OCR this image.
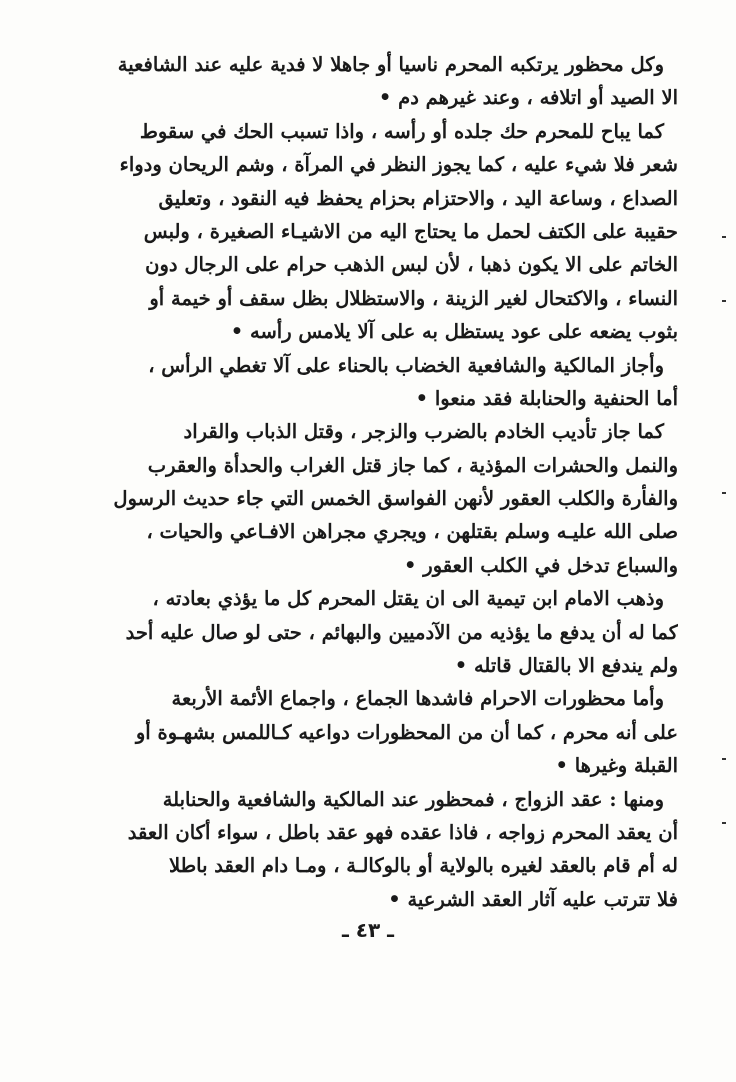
وكل محظور يرتكبه المحرم ناسيا أو جاهلا لا فدية عليه عند الشافعية
الا الصيد أو اتلافه ، وعند غيرهم دم •
كما يباح للمحرم حك جلده أو رأسه ، واذا تسبب الحك في سقوط
شعر فلا شيء عليه ، كما يجوز النظر في المرآة ، وشم الريحان ودواء
الصداع ، وساعة اليد ، والاحتزام بحزام يحفظ فيه النقود ، وتعليق
حقيبة على الكتف لحمل ما يحتاج اليه من الاشيـاء الصغيرة ، ولبس
الخاتم على الا يكون ذهبا ، لأن لبس الذهب حرام على الرجال دون
النساء ، والاكتحال لغير الزينة ، والاستظلال بظل سقف أو خيمة أو
بثوب يضعه على عود يستظل به على آلا يلامس رأسه •
وأجاز المالكية والشافعية الخضاب بالحناء على آلا تغطي الرأس ،
أما الحنفية والحنابلة فقد منعوا •
كما جاز تأديب الخادم بالضرب والزجر ، وقتل الذباب والقراد
والنمل والحشرات المؤذية ، كما جاز قتل الغراب والحدأة والعقرب
والفأرة والكلب العقور لأنهن الفواسق الخمس التي جاء حديث الرسول
صلى الله عليـه وسلم بقتلهن ، ويجري مجراهن الافـاعي والحيات ،
والسباع تدخل في الكلب العقور •
وذهب الامام ابن تيمية الى ان يقتل المحرم كل ما يؤذي بعادته ،
كما له أن يدفع ما يؤذيه من الآدميين والبهائم ، حتى لو صال عليه أحد
ولم يندفع الا بالقتال قاتله •
وأما محظورات الاحرام فاشدها الجماع ، واجماع الأئمة الأربعة
على أنه محرم ، كما أن من المحظورات دواعيه كـاللمس بشهـوة أو
القبلة وغيرها •
ومنها : عقد الزواج ، فمحظور عند المالكية والشافعية والحنابلة
أن يعقد المحرم زواجه ، فاذا عقده فهو عقد باطل ، سواء أكان العقد
له أم قام بالعقد لغيره بالولاية أو بالوكالـة ، ومـا دام العقد باطلا
فلا تترتب عليه آثار العقد الشرعية •
ـ ٤٣ ـ
